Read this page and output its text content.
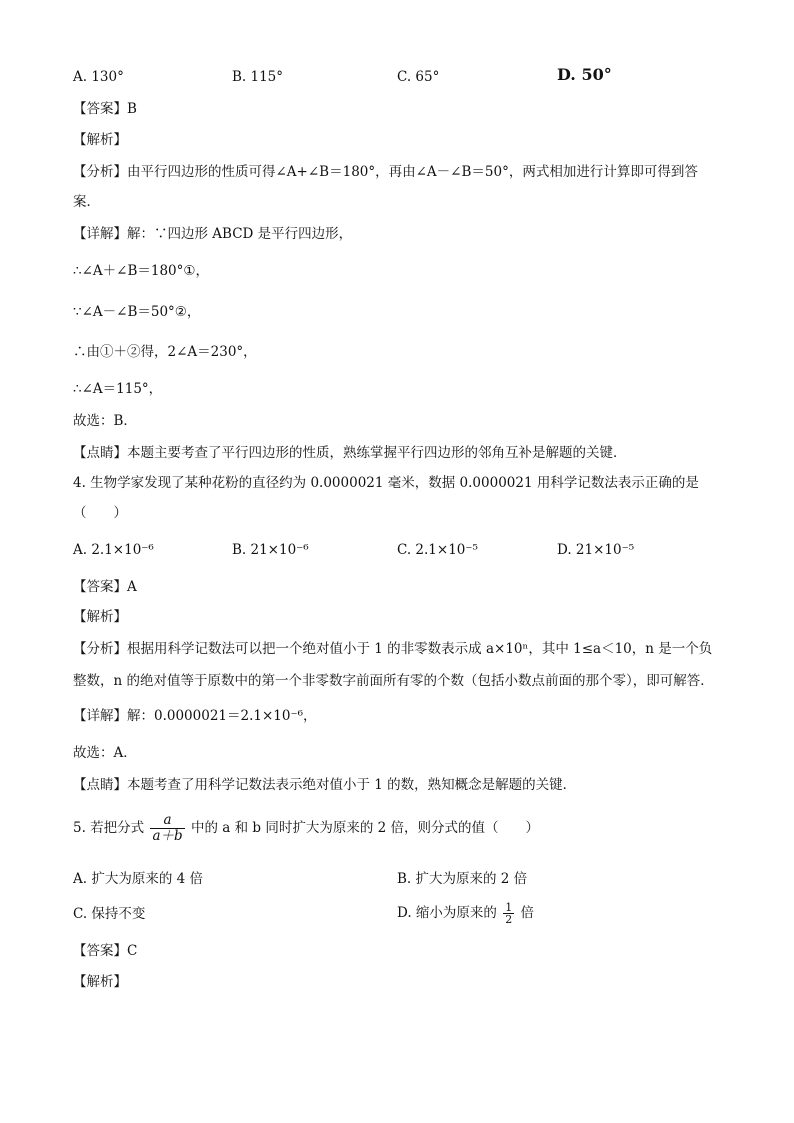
A. 130°	B. 115°	C. 65°	D. 50°
【答案】B
【解析】
【分析】由平行四边形的性质可得∠A+∠B＝180°，再由∠A－∠B＝50°，两式相加进行计算即可得到答
案．
【详解】解：∵四边形 ABCD 是平行四边形，
∴∠A＋∠B＝180°①，
∵∠A－∠B＝50°②，
∴由①＋②得，2∠A＝230°，
∴∠A＝115°，
故选：B．
【点睛】本题主要考查了平行四边形的性质，熟练掌握平行四边形的邻角互补是解题的关键．
4. 生物学家发现了某种花粉的直径约为 0.0000021 毫米，数据 0.0000021 用科学记数法表示正确的是
（　　）
A. 2.1×10⁻⁶	B. 21×10⁻⁶	C. 2.1×10⁻⁵	D. 21×10⁻⁵
【答案】A
【解析】
【分析】根据用科学记数法可以把一个绝对值小于 1 的非零数表示成 a×10ⁿ，其中 1≤a＜10，n 是一个负
整数，n 的绝对值等于原数中的第一个非零数字前面所有零的个数（包括小数点前面的那个零），即可解答．
【详解】解：0.0000021＝2.1×10⁻⁶，
故选：A．
【点睛】本题考查了用科学记数法表示绝对值小于 1 的数，熟知概念是解题的关键．
5. 若把分式 $\frac{a}{a+b}$ 中的 a 和 b 同时扩大为原来的 2 倍，则分式的值（　　）
A. 扩大为原来的 4 倍	B. 扩大为原来的 2 倍
C. 保持不变	D. 缩小为原来的 $\frac{1}{2}$ 倍
【答案】C
【解析】
